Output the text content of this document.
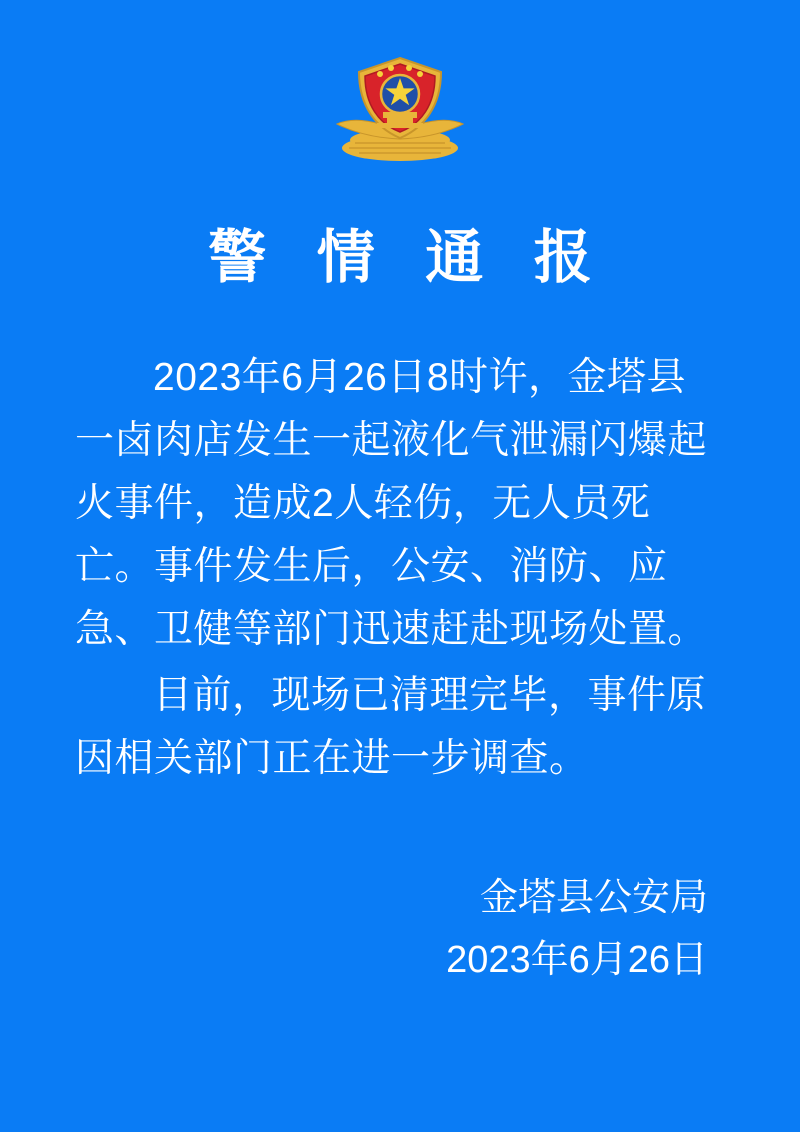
警 情 通 报

2023年6月26日8时许，金塔县一卤肉店发生一起液化气泄漏闪爆起火事件，造成2人轻伤，无人员死亡。事件发生后，公安、消防、应急、卫健等部门迅速赶赴现场处置。

目前，现场已清理完毕，事件原因相关部门正在进一步调查。

金塔县公安局
2023年6月26日
